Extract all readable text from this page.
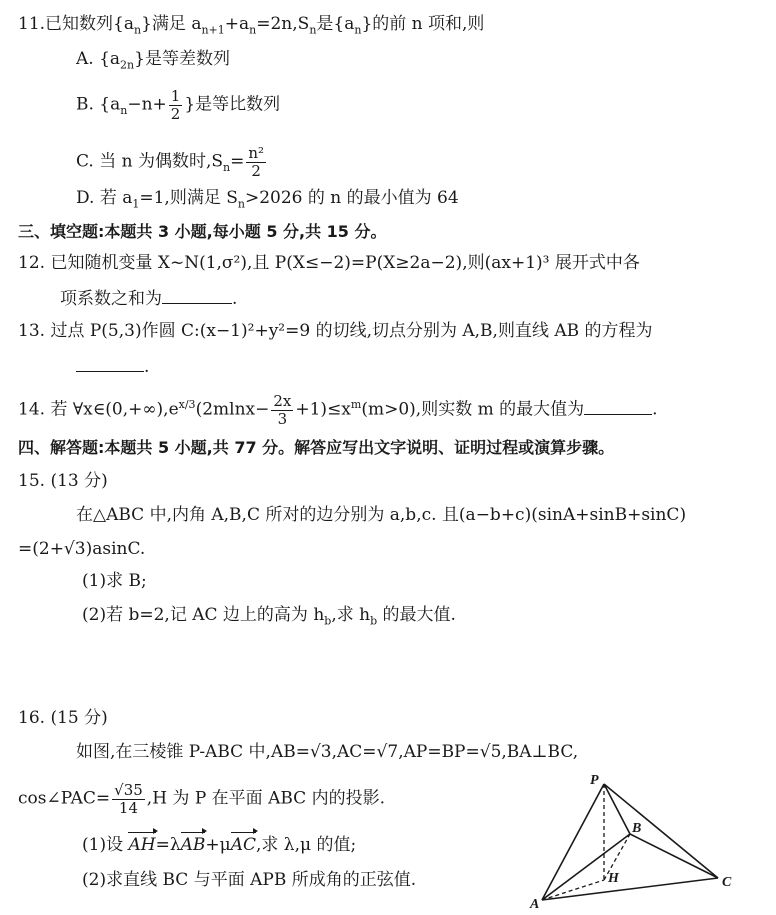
11.已知数列$\{a_n\}$满足 $a_{n+1}+a_n=2n,S_n$是$\{a_n\}$的前 n 项和,则
A. $\{a_{2n}\}$是等差数列
B. {$a_n-n+ \frac{1}{2}$ }是等比数列
C. 当 n 为偶数时$,S_n= \frac{\text{n²}}{2}$
D. 若 $a_1=1$,则满足 $S_n>2026$ 的 n 的最小值为 64
三、填空题:本题共 3 小题,每小题 5 分,共 15 分。
12. 已知随机变量 X~N(1,σ²),且 P(X≤−2)=P(X≥2a−2),则(ax+1)³ 展开式中各
项系数之和为	.
13. 过点 P(5,3)作圆 C:(x−1)²+y²=9 的切线,切点分别为 A,B,则直线 AB 的方程为
.
14. 若 $\forall x\in(0,+\infty),e^{x/3}(2mlnx- \frac{2x}{3} +1)\le x^m(m>0)$,则实数 m 的最大值为	.
四、解答题:本题共 5 小题,共 77 分。解答应写出文字说明、证明过程或演算步骤。
15. (13 分)
在△ABC 中,内角 A,B,C 所对的边分别为 a,b,c. 且(a−b+c)(sinA+sinB+sinC)
=(2+√3)asinC.
(1)求 B;
(2)若 b=2,记 AC 边上的高为 $h_b$,求 $h_b$ 的最大值.
16. (15 分)
如图,在三棱锥 P-ABC 中,AB=√3,AC=√7,AP=BP=√5,BA⊥BC,
cos∠PAC= $\frac{√35}{14} ,H$ 为 P 在平面 ABC 内的投影.
(1)设 AH=λAB+μAC,求 λ,μ 的值;
(2)求直线 BC 与平面 APB 所成角的正弦值.
P
A
B
C
H
